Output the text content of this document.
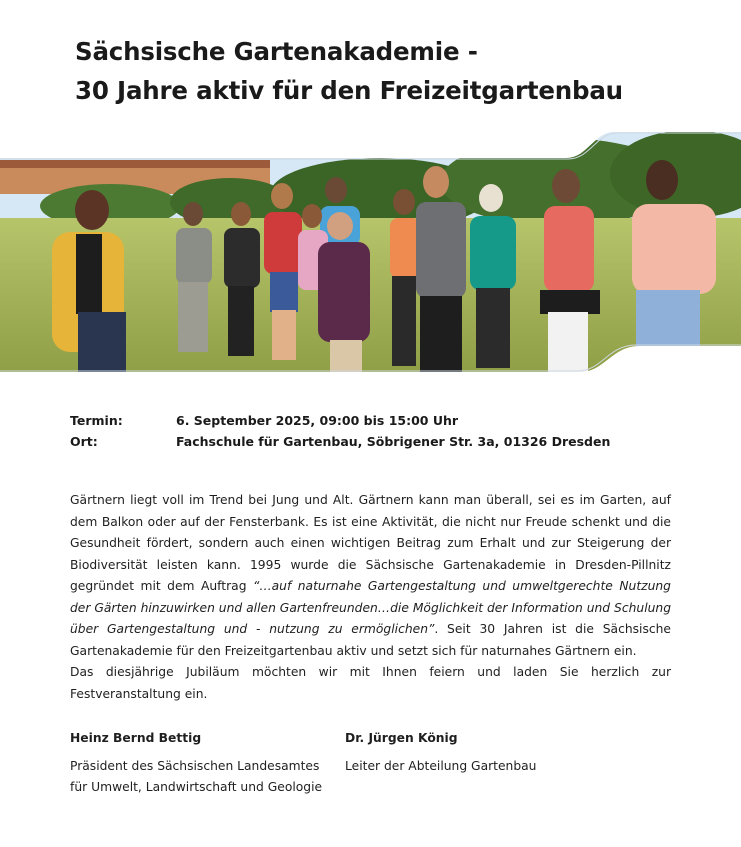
Sächsische Gartenakademie -
30 Jahre aktiv für den Freizeitgartenbau
Termin:	6. September 2025, 09:00 bis 15:00 Uhr
Ort:	Fachschule für Gartenbau, Söbrigener Str. 3a, 01326 Dresden

Gärtnern liegt voll im Trend bei Jung und Alt. Gärtnern kann man überall, sei es im Garten, auf dem Balkon oder auf der Fensterbank. Es ist eine Aktivität, die nicht nur Freude schenkt und die Gesundheit fördert, sondern auch einen wichtigen Beitrag zum Erhalt und zur Steigerung der Biodiversität leisten kann. 1995 wurde die Sächsische Gartenakademie in Dresden-Pillnitz gegründet mit dem Auftrag “…auf naturnahe Gartengestaltung und umweltgerechte Nutzung der Gärten hinzuwirken und allen Gartenfreunden…die Möglichkeit der Information und Schulung über Gartengestaltung und - nutzung zu ermöglichen”. Seit 30 Jahren ist die Sächsische Gartenakademie für den Freizeitgartenbau aktiv und setzt sich für naturnahes Gärtnern ein.

Das diesjährige Jubiläum möchten wir mit Ihnen feiern und laden Sie herzlich zur Festveranstaltung ein.

Heinz Bernd Bettig
Präsident des Sächsischen Landesamtes
für Umwelt, Landwirtschaft und Geologie
Dr. Jürgen König
Leiter der Abteilung Gartenbau
